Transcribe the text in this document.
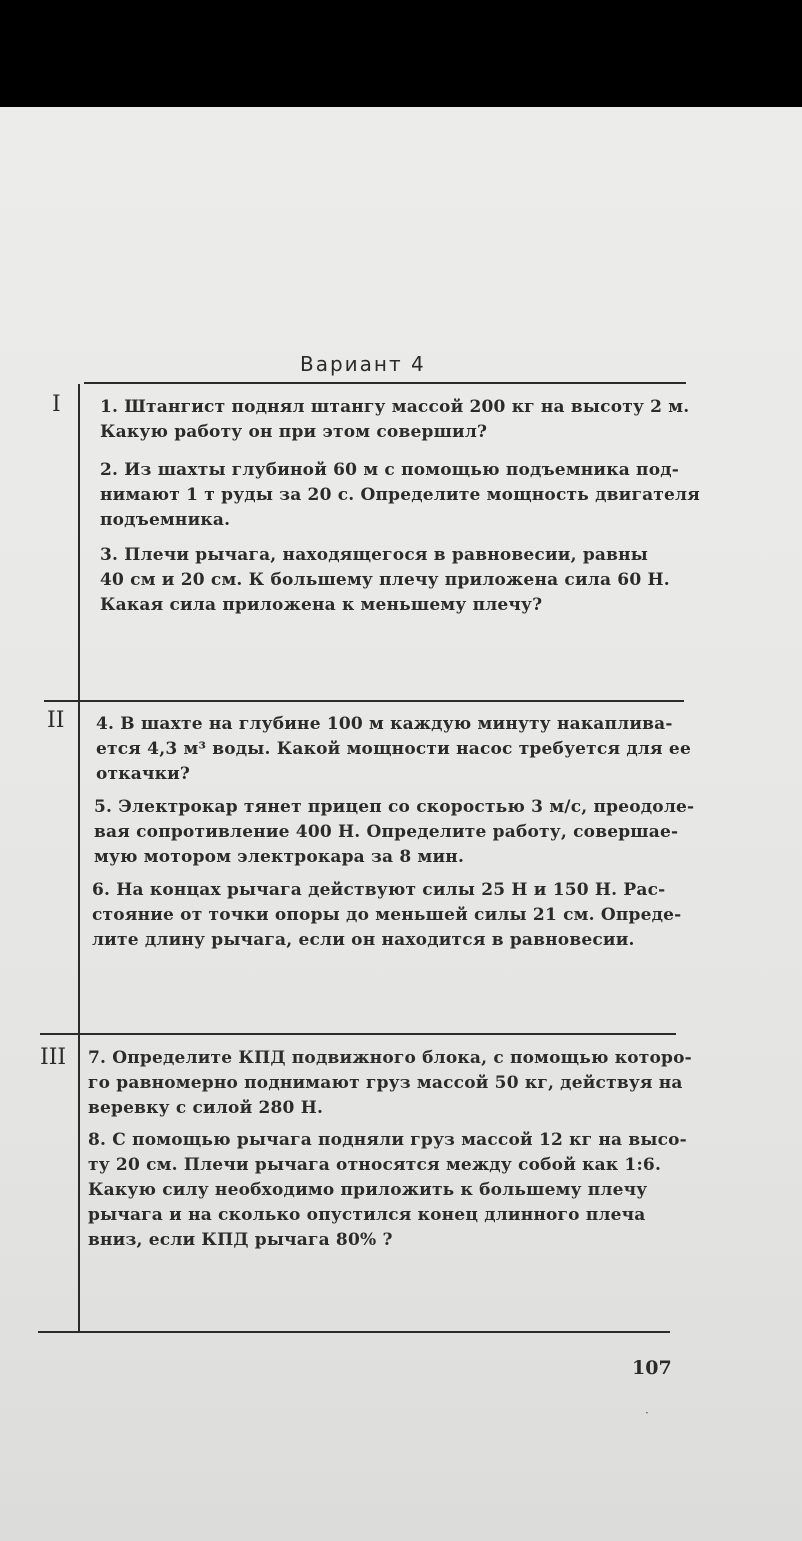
Вариант 4
I
II
III
1. Штангист поднял штангу массой 200 кг на высоту 2 м.
Какую работу он при этом совершил?
2. Из шахты глубиной 60 м с помощью подъемника под-
нимают 1 т руды за 20 с. Определите мощность двигателя
подъемника.
3. Плечи рычага, находящегося в равновесии, равны
40 см и 20 см. К большему плечу приложена сила 60 Н.
Какая сила приложена к меньшему плечу?
4. В шахте на глубине 100 м каждую минуту накаплива-
ется 4,3 м³ воды. Какой мощности насос требуется для ее
откачки?
5. Электрокар тянет прицеп со скоростью 3 м/с, преодоле-
вая сопротивление 400 Н. Определите работу, совершае-
мую мотором электрокара за 8 мин.
6. На концах рычага действуют силы 25 Н и 150 Н. Рас-
стояние от точки опоры до меньшей силы 21 см. Опреде-
лите длину рычага, если он находится в равновесии.
7. Определите КПД подвижного блока, с помощью которо-
го равномерно поднимают груз массой 50 кг, действуя на
веревку с силой 280 Н.
8. С помощью рычага подняли груз массой 12 кг на высо-
ту 20 см. Плечи рычага относятся между собой как 1:6.
Какую силу необходимо приложить к большему плечу
рычага и на сколько опустился конец длинного плеча
вниз, если КПД рычага 80% ?
107
·
